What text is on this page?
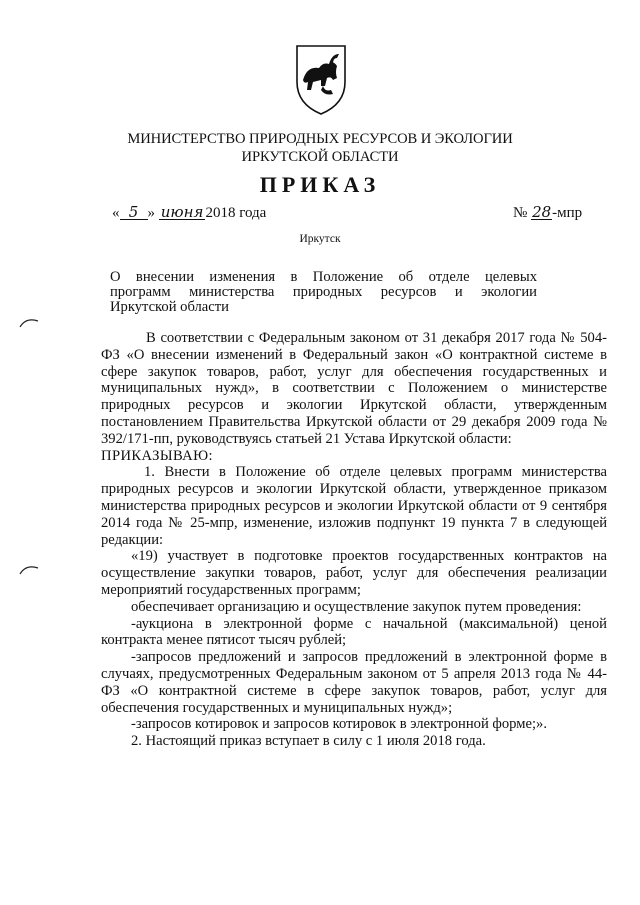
МИНИСТЕРСТВО ПРИРОДНЫХ РЕСУРСОВ И ЭКОЛОГИИ
ИРКУТСКОЙ ОБЛАСТИ
ПРИКАЗ
« 5 » июня 2018 года	№ 28-мпр
Иркутск
О внесении изменения в Положение об отделе целевых
программ министерства природных ресурсов и экологии
Иркутской области

В соответствии с Федеральным законом от 31 декабря 2017 года № 504-ФЗ «О внесении изменений в Федеральный закон «О контрактной системе в сфере закупок товаров, работ, услуг для обеспечения государственных и муниципальных нужд», в соответствии с Положением о министерстве природных ресурсов и экологии Иркутской области, утвержденным постановлением Правительства Иркутской области от 29 декабря 2009 года № 392/171-пп, руководствуясь статьей 21 Устава Иркутской области:

ПРИКАЗЫВАЮ:

1. Внести в Положение об отделе целевых программ министерства природных ресурсов и экологии Иркутской области, утвержденное приказом министерства природных ресурсов и экологии Иркутской области от 9 сентября 2014 года № 25-мпр, изменение, изложив подпункт 19 пункта 7 в следующей редакции:

«19) участвует в подготовке проектов государственных контрактов на осуществление закупки товаров, работ, услуг для обеспечения реализации мероприятий государственных программ;

обеспечивает организацию и осуществление закупок путем проведения:

-аукциона в электронной форме с начальной (максимальной) ценой контракта менее пятисот тысяч рублей;

-запросов предложений и запросов предложений в электронной форме в случаях, предусмотренных Федеральным законом от 5 апреля 2013 года № 44-ФЗ «О контрактной системе в сфере закупок товаров, работ, услуг для обеспечения государственных и муниципальных нужд»;

-запросов котировок и запросов котировок в электронной форме;».

2. Настоящий приказ вступает в силу с 1 июля 2018 года.
